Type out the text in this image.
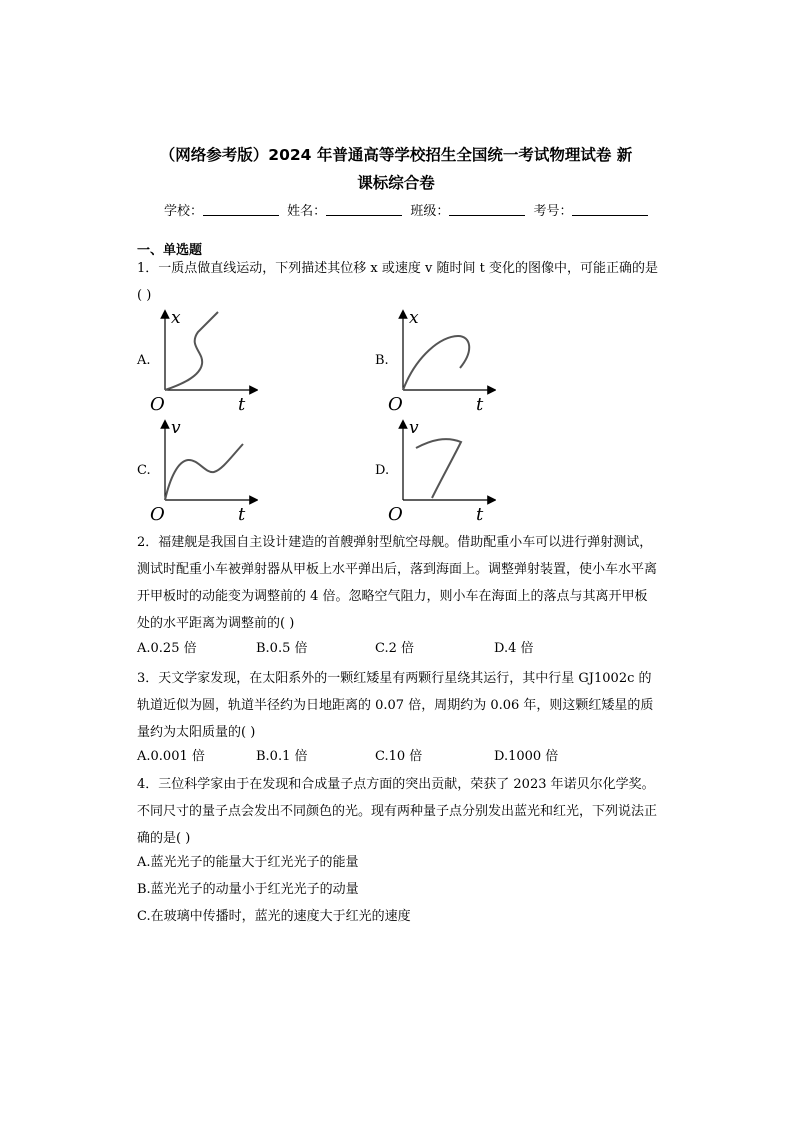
（网络参考版）2024 年普通高等学校招生全国统一考试物理试卷 新
课标综合卷
学校：	姓名：	班级：	考号：
一、单选题
1．一质点做直线运动，下列描述其位移 x 或速度 v 随时间 t 变化的图像中，可能正确的是( )
A.	B.
C.	D.
x
O	t
x
O	t
v
O	t
v
O	t
2．福建舰是我国自主设计建造的首艘弹射型航空母舰。借助配重小车可以进行弹射测试，测试时配重小车被弹射器从甲板上水平弹出后，落到海面上。调整弹射装置，使小车水平离开甲板时的动能变为调整前的 4 倍。忽略空气阻力，则小车在海面上的落点与其离开甲板处的水平距离为调整前的( )
A.0.25 倍	B.0.5 倍	C.2 倍	D.4 倍
3．天文学家发现，在太阳系外的一颗红矮星有两颗行星绕其运行，其中行星 GJ1002c 的轨道近似为圆，轨道半径约为日地距离的 0.07 倍，周期约为 0.06 年，则这颗红矮星的质量约为太阳质量的( )
A.0.001 倍	B.0.1 倍	C.10 倍	D.1000 倍
4．三位科学家由于在发现和合成量子点方面的突出贡献，荣获了 2023 年诺贝尔化学奖。不同尺寸的量子点会发出不同颜色的光。现有两种量子点分别发出蓝光和红光，下列说法正确的是( )
A.蓝光光子的能量大于红光光子的能量
B.蓝光光子的动量小于红光光子的动量
C.在玻璃中传播时，蓝光的速度大于红光的速度
